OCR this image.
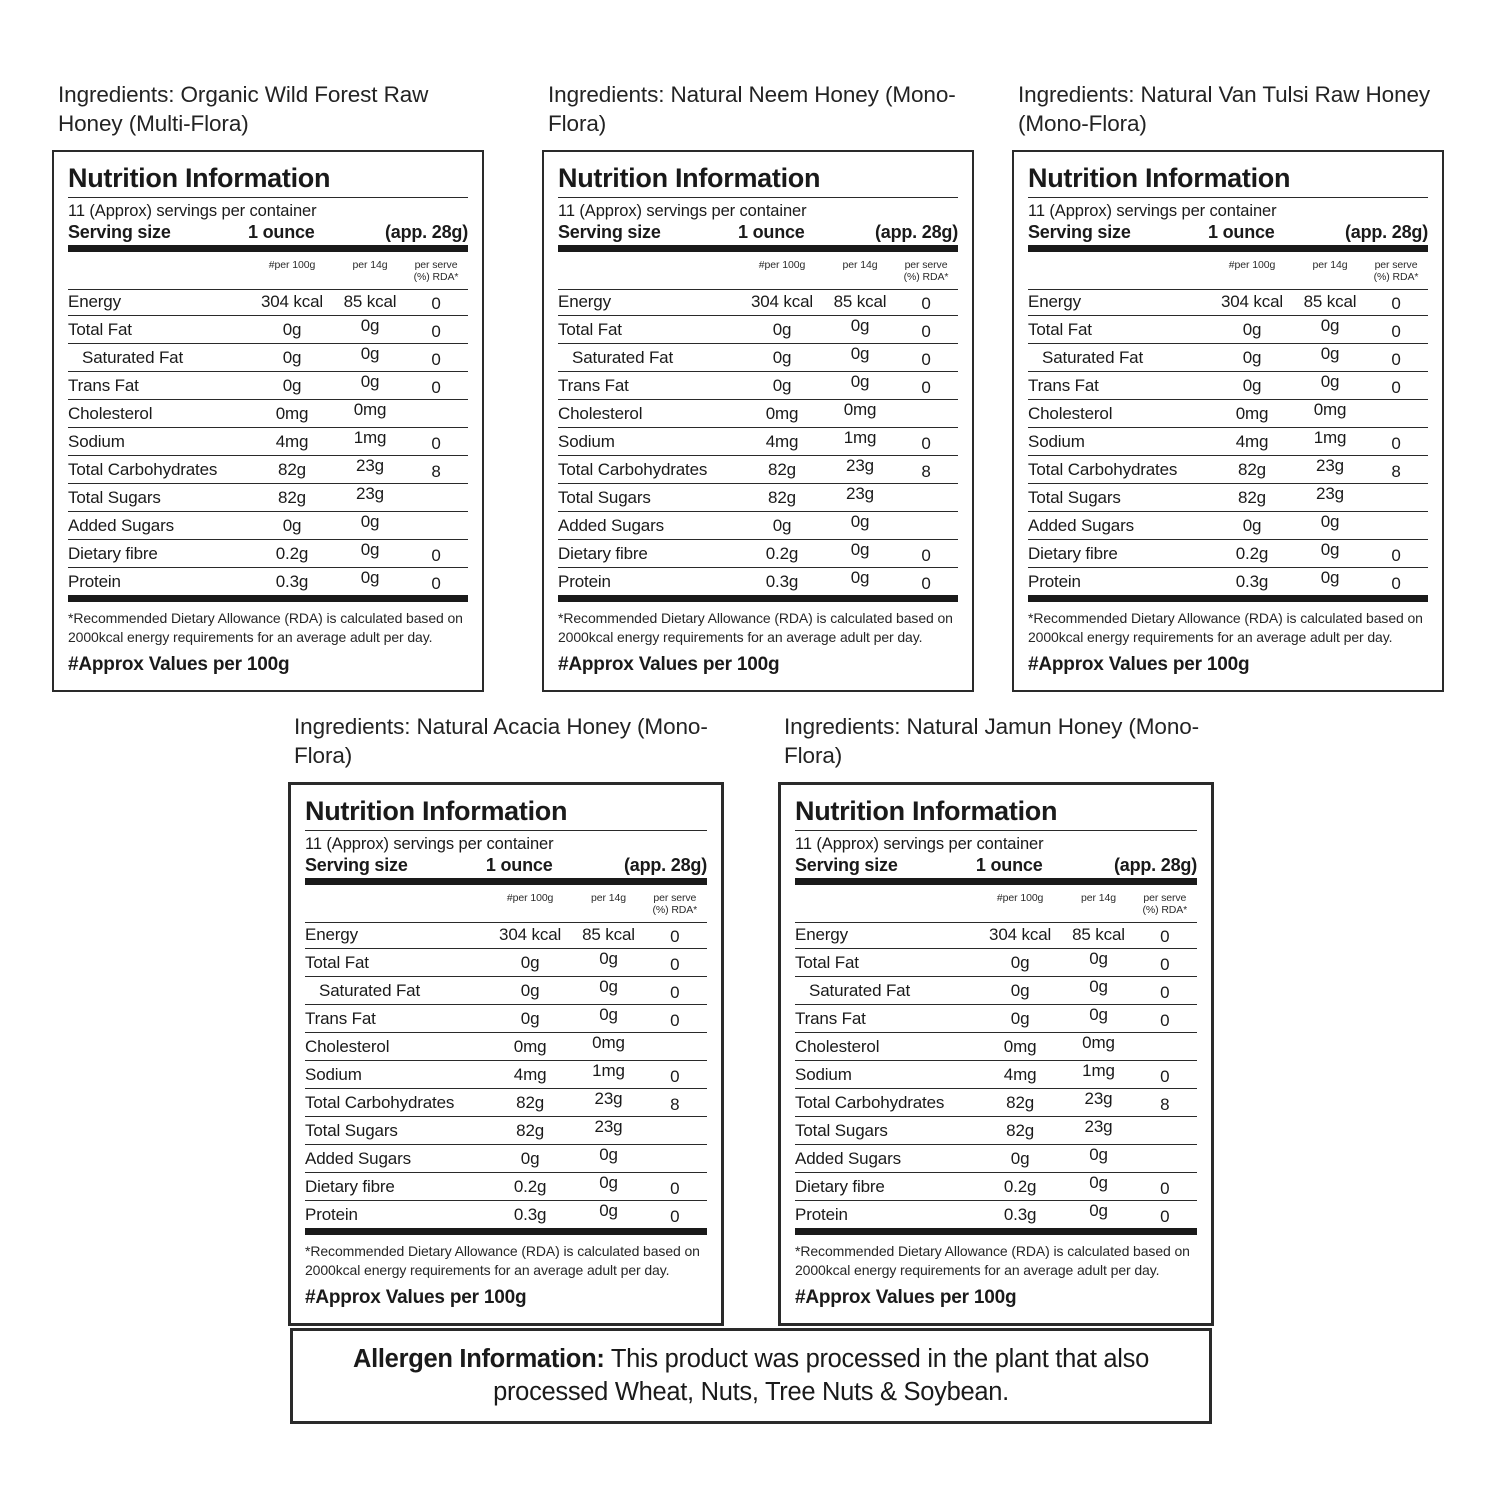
Ingredients: Organic Wild Forest Raw Honey (Multi-Flora)
Nutrition Information
11 (Approx) servings per container
Serving size	1 ounce	(app. 28g)
#per 100g	per 14g	per serve
(%) RDA*
Energy	304 kcal	85 kcal	0
Total Fat	0g	0g	0
Saturated Fat	0g	0g	0
Trans Fat	0g	0g	0
Cholesterol	0mg	0mg
Sodium	4mg	1mg	0
Total Carbohydrates	82g	23g	8
Total Sugars	82g	23g
Added Sugars	0g	0g
Dietary fibre	0.2g	0g	0
Protein	0.3g	0g	0
*Recommended Dietary Allowance (RDA) is calculated based on 2000kcal energy requirements for an average adult per day.
#Approx Values per 100g
Ingredients: Natural Neem Honey (Mono-Flora)
Nutrition Information
11 (Approx) servings per container
Serving size	1 ounce	(app. 28g)
#per 100g	per 14g	per serve
(%) RDA*
Energy	304 kcal	85 kcal	0
Total Fat	0g	0g	0
Saturated Fat	0g	0g	0
Trans Fat	0g	0g	0
Cholesterol	0mg	0mg
Sodium	4mg	1mg	0
Total Carbohydrates	82g	23g	8
Total Sugars	82g	23g
Added Sugars	0g	0g
Dietary fibre	0.2g	0g	0
Protein	0.3g	0g	0
*Recommended Dietary Allowance (RDA) is calculated based on 2000kcal energy requirements for an average adult per day.
#Approx Values per 100g
Ingredients: Natural Van Tulsi Raw Honey (Mono-Flora)
Nutrition Information
11 (Approx) servings per container
Serving size	1 ounce	(app. 28g)
#per 100g	per 14g	per serve
(%) RDA*
Energy	304 kcal	85 kcal	0
Total Fat	0g	0g	0
Saturated Fat	0g	0g	0
Trans Fat	0g	0g	0
Cholesterol	0mg	0mg
Sodium	4mg	1mg	0
Total Carbohydrates	82g	23g	8
Total Sugars	82g	23g
Added Sugars	0g	0g
Dietary fibre	0.2g	0g	0
Protein	0.3g	0g	0
*Recommended Dietary Allowance (RDA) is calculated based on 2000kcal energy requirements for an average adult per day.
#Approx Values per 100g
Ingredients: Natural Acacia Honey (Mono-Flora)
Nutrition Information
11 (Approx) servings per container
Serving size	1 ounce	(app. 28g)
#per 100g	per 14g	per serve
(%) RDA*
Energy	304 kcal	85 kcal	0
Total Fat	0g	0g	0
Saturated Fat	0g	0g	0
Trans Fat	0g	0g	0
Cholesterol	0mg	0mg
Sodium	4mg	1mg	0
Total Carbohydrates	82g	23g	8
Total Sugars	82g	23g
Added Sugars	0g	0g
Dietary fibre	0.2g	0g	0
Protein	0.3g	0g	0
*Recommended Dietary Allowance (RDA) is calculated based on 2000kcal energy requirements for an average adult per day.
#Approx Values per 100g
Ingredients: Natural Jamun Honey (Mono-Flora)
Nutrition Information
11 (Approx) servings per container
Serving size	1 ounce	(app. 28g)
#per 100g	per 14g	per serve
(%) RDA*
Energy	304 kcal	85 kcal	0
Total Fat	0g	0g	0
Saturated Fat	0g	0g	0
Trans Fat	0g	0g	0
Cholesterol	0mg	0mg
Sodium	4mg	1mg	0
Total Carbohydrates	82g	23g	8
Total Sugars	82g	23g
Added Sugars	0g	0g
Dietary fibre	0.2g	0g	0
Protein	0.3g	0g	0
*Recommended Dietary Allowance (RDA) is calculated based on 2000kcal energy requirements for an average adult per day.
#Approx Values per 100g

Allergen Information: This product was processed in the plant that also processed Wheat, Nuts, Tree Nuts & Soybean.
